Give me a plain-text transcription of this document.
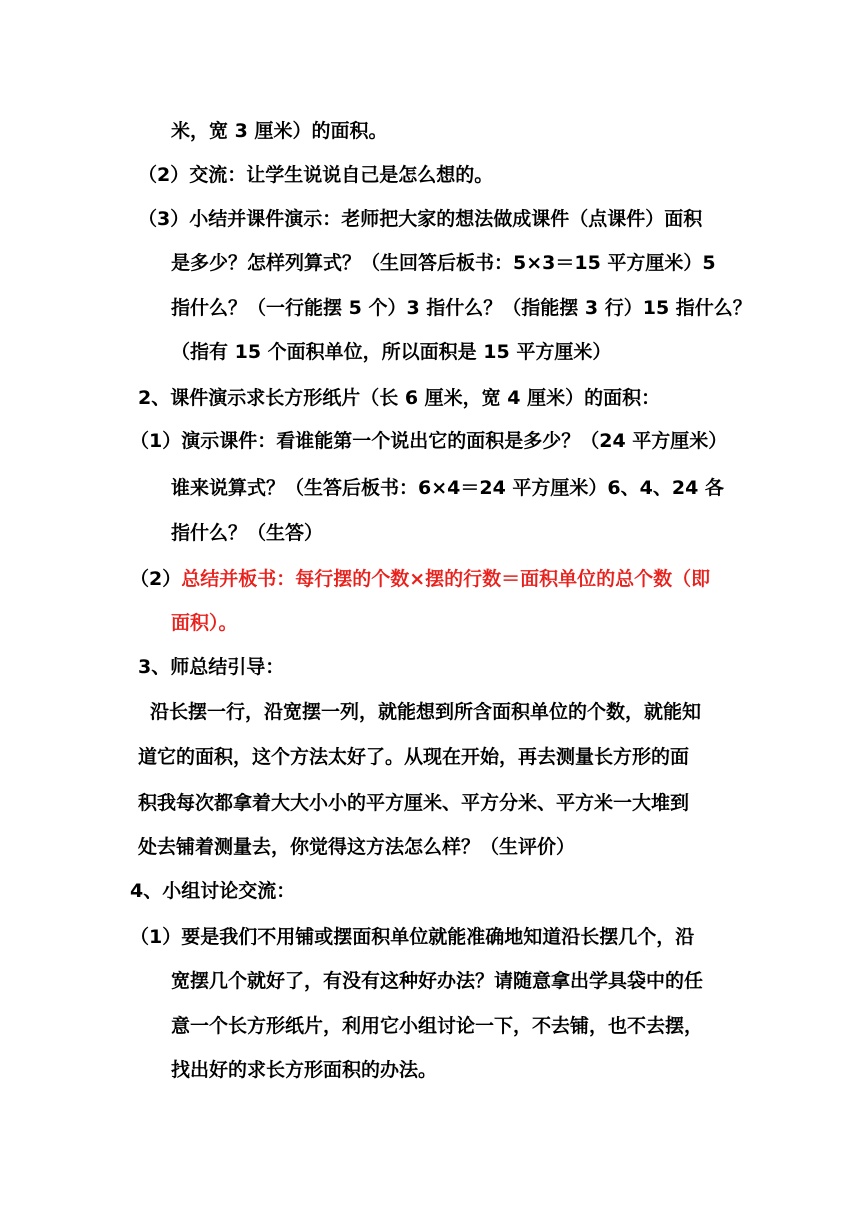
米，宽 3 厘米）的面积。
（2）交流：让学生说说自己是怎么想的。
（3）小结并课件演示：老师把大家的想法做成课件（点课件）面积
是多少？怎样列算式？（生回答后板书：5×3＝15 平方厘米）5
指什么？（一行能摆 5 个）3 指什么？（指能摆 3 行）15 指什么？
（指有 15 个面积单位，所以面积是 15 平方厘米）
2、课件演示求长方形纸片（长 6 厘米，宽 4 厘米）的面积：
（1）演示课件：看谁能第一个说出它的面积是多少？（24 平方厘米）
谁来说算式？（生答后板书：6×4＝24 平方厘米）6、4、24 各
指什么？（生答）
（2）总结并板书：每行摆的个数×摆的行数＝面积单位的总个数（即
面积）。
3、师总结引导：
沿长摆一行，沿宽摆一列，就能想到所含面积单位的个数，就能知
道它的面积，这个方法太好了。从现在开始，再去测量长方形的面
积我每次都拿着大大小小的平方厘米、平方分米、平方米一大堆到
处去铺着测量去，你觉得这方法怎么样？（生评价）
4、小组讨论交流：
（1）要是我们不用铺或摆面积单位就能准确地知道沿长摆几个，沿
宽摆几个就好了，有没有这种好办法？请随意拿出学具袋中的任
意一个长方形纸片，利用它小组讨论一下，不去铺，也不去摆，
找出好的求长方形面积的办法。
